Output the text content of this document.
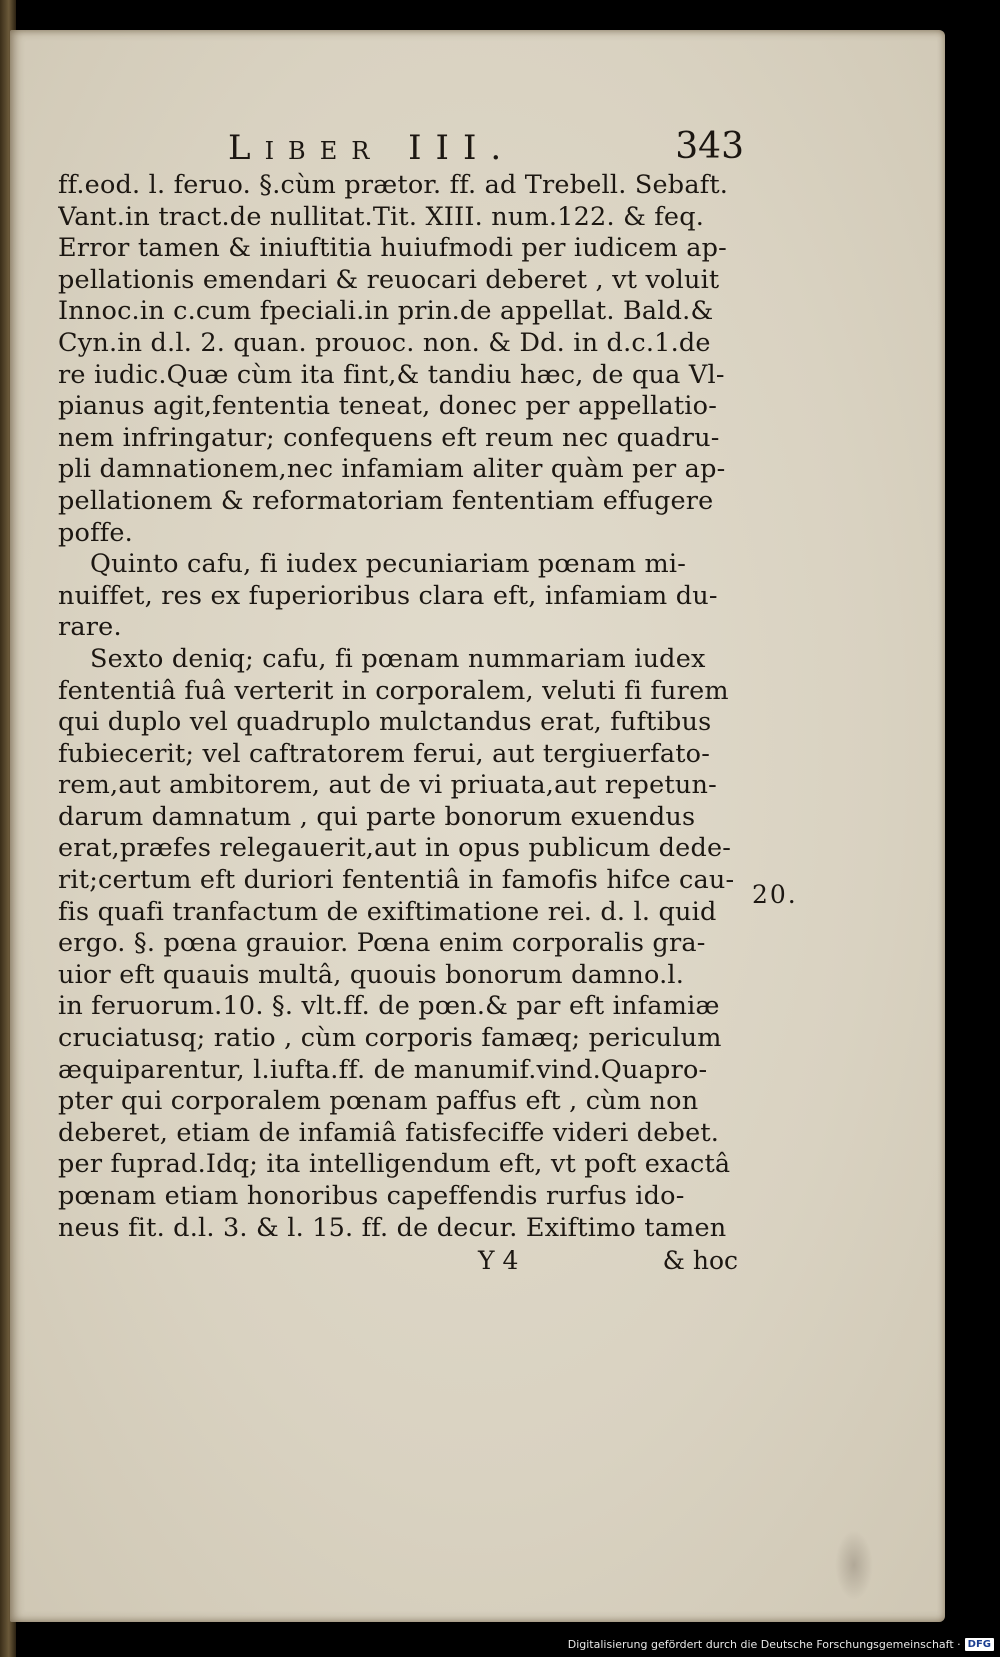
Liber III.	343
ff.eod. l. feruo. §.cùm prætor. ff. ad Trebell. Sebaft.
Vant.in tract.de nullitat.Tit. XIII. num.122. & feq.
Error tamen & iniuftitia huiufmodi per iudicem ap-
pellationis emendari & reuocari deberet , vt voluit
Innoc.in c.cum fpeciali.in prin.de appellat. Bald.&
Cyn.in d.l. 2. quan. prouoc. non. & Dd. in d.c.1.de
re iudic.Quæ cùm ita fint,& tandiu hæc, de qua Vl-
pianus agit,fententia teneat, donec per appellatio-
nem infringatur; confequens eft reum nec quadru-
pli damnationem,nec infamiam aliter quàm per ap-
pellationem & reformatoriam fententiam effugere
poffe.
Quinto cafu, fi iudex pecuniariam pœnam mi-
nuiffet, res ex fuperioribus clara eft, infamiam du-
rare.
Sexto deniq; cafu, fi pœnam nummariam iudex
fententiâ fuâ verterit in corporalem, veluti fi furem
qui duplo vel quadruplo mulctandus erat, fuftibus
fubiecerit; vel caftratorem ferui, aut tergiuerfato-
rem,aut ambitorem, aut de vi priuata,aut repetun-
darum damnatum , qui parte bonorum exuendus
erat,præfes relegauerit,aut in opus publicum dede-
rit;certum eft duriori fententiâ in famofis hifce cau-
fis quafi tranfactum de exiftimatione rei. d. l. quid
ergo. §. pœna grauior. Pœna enim corporalis gra-
uior eft quauis multâ, quouis bonorum damno.l.
in feruorum.10. §. vlt.ff. de pœn.& par eft infamiæ
cruciatusq; ratio , cùm corporis famæq; periculum
æquiparentur, l.iufta.ff. de manumif.vind.Quapro-
pter qui corporalem pœnam paffus eft , cùm non
deberet, etiam de infamiâ fatisfeciffe videri debet.
per fuprad.Idq; ita intelligendum eft, vt poft exactâ
pœnam etiam honoribus capeffendis rurfus ido-
neus fit. d.l. 3. & l. 15. ff. de decur. Exiftimo tamen
Y 4	& hoc
20.
Digitalisierung gefördert durch die Deutsche Forschungsgemeinschaft · DFG
